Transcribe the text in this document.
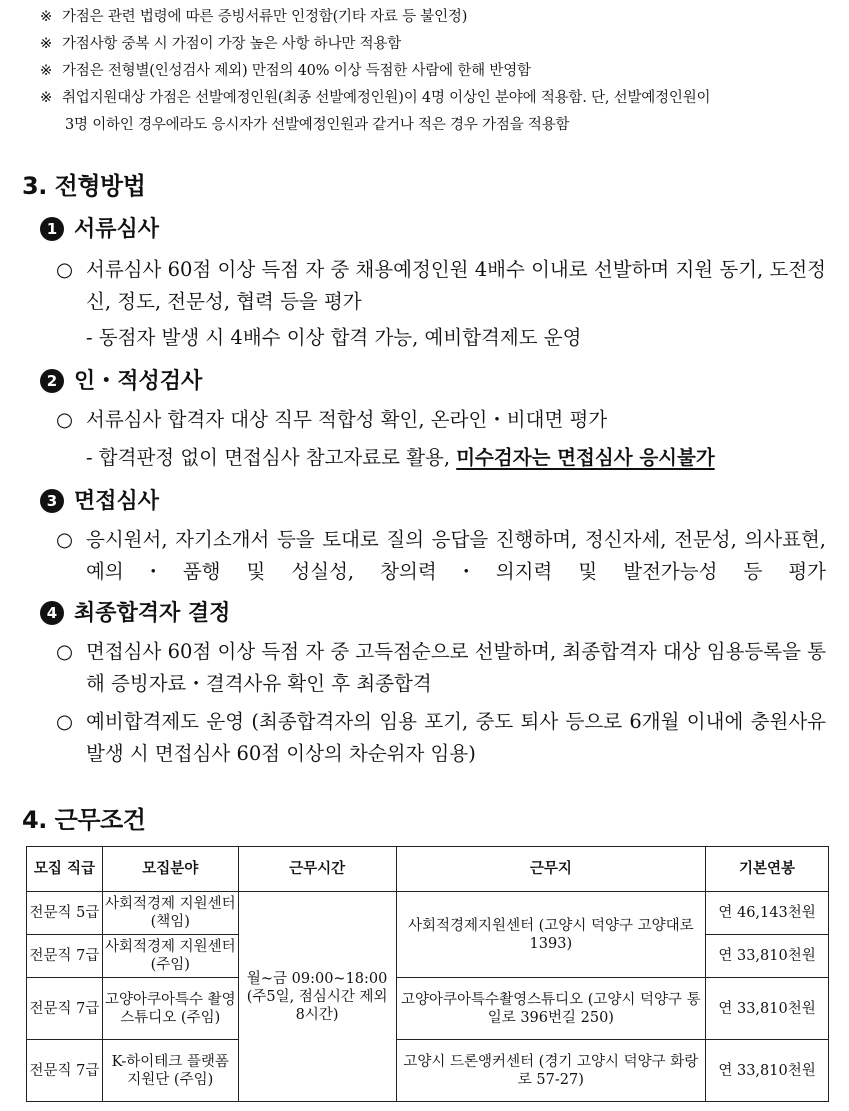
※ 가점은 관련 법령에 따른 증빙서류만 인정함(기타 자료 등 불인정)
※ 가점사항 중복 시 가점이 가장 높은 사항 하나만 적용함
※ 가점은 전형별(인성검사 제외) 만점의 40% 이상 득점한 사람에 한해 반영함
※ 취업지원대상 가점은 선발예정인원(최종 선발예정인원)이 4명 이상인 분야에 적용함. 단, 선발예정인원이
3명 이하인 경우에라도 응시자가 선발예정인원과 같거나 적은 경우 가점을 적용함
3. 전형방법
1 서류심사
○ 서류심사 60점 이상 득점 자 중 채용예정인원 4배수 이내로 선발하며 지원 동기, 도전정신, 정도, 전문성, 협력 등을 평가
- 동점자 발생 시 4배수 이상 합격 가능, 예비합격제도 운영
2 인・적성검사
○ 서류심사 합격자 대상 직무 적합성 확인, 온라인・비대면 평가
- 합격판정 없이 면접심사 참고자료로 활용, 미수검자는 면접심사 응시불가
3 면접심사
○ 응시원서, 자기소개서 등을 토대로 질의 응답을 진행하며, 정신자세, 전문성, 의사표현, 예의・품행 및 성실성, 창의력・의지력 및 발전가능성 등 평가
4 최종합격자 결정
○ 면접심사 60점 이상 득점 자 중 고득점순으로 선발하며, 최종합격자 대상 임용등록을 통해 증빙자료・결격사유 확인 후 최종합격
○ 예비합격제도 운영 (최종합격자의 임용 포기, 중도 퇴사 등으로 6개월 이내에 충원사유 발생 시 면접심사 60점 이상의 차순위자 임용)
4. 근무조건
모집 직급	모집분야	근무시간	근무지	기본연봉
전문직 5급	사회적경제 지원센터 (책임)	월~금 09:00~18:00 (주5일, 점심시간 제외 8시간)	사회적경제지원센터 (고양시 덕양구 고양대로 1393)	연 46,143천원
전문직 7급	사회적경제 지원센터 (주임)			연 33,810천원
전문직 7급	고양아쿠아특수 촬영스튜디오 (주임)		고양아쿠아특수촬영스튜디오 (고양시 덕양구 통일로 396번길 250)	연 33,810천원
전문직 7급	K-하이테크 플랫폼지원단 (주임)		고양시 드론앵커센터 (경기 고양시 덕양구 화랑로 57-27)	연 33,810천원
